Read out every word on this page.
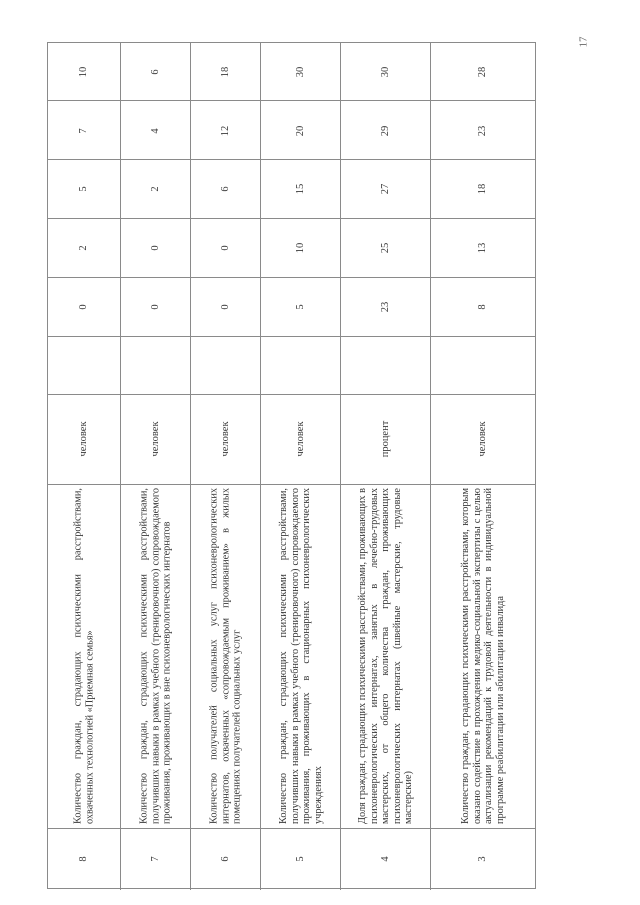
10
7
5
2
0
человек
Количество граждан, страдающих психическими расстройствами, охваченных технологией «Приемная семья»
8
6
4
2
0
0
человек
Количество граждан, страдающих психическими расстройствами, получивших навыки в рамках учебного (тренировочного) сопровождаемого проживания, проживающих в вне психоневрологических интернатов
7
18
12
6
0
0
человек
Количество получателей социальных услуг психоневрологических интернатов, охваченных «сопровождаемым проживанием» в жилых помещениях получателей социальных услуг
6
30
20
15
10
5
человек
Количество граждан, страдающих психическими расстройствами, получивших навыки в рамках учебного (тренировочного) сопровождаемого проживания, проживающих в стационарных психоневрологических учреждениях
5
30
29
27
25
23
процент
Доля граждан, страдающих психическими расстройствами, проживающих в психоневрологических интернатах, занятых в лечебно-трудовых мастерских, от общего количества граждан, проживающих психоневрологических интернатах (швейные мастерские, трудовые мастерские)
4
28
23
18
13
8
человек
Количество граждан, страдающих психическими расстройствами, которым оказано содействие в прохождении медико-социальной экспертизы с целью актуализации рекомендаций к трудовой деятельности в индивидуальной программе реабилитации или абилитации инвалида
3
17
